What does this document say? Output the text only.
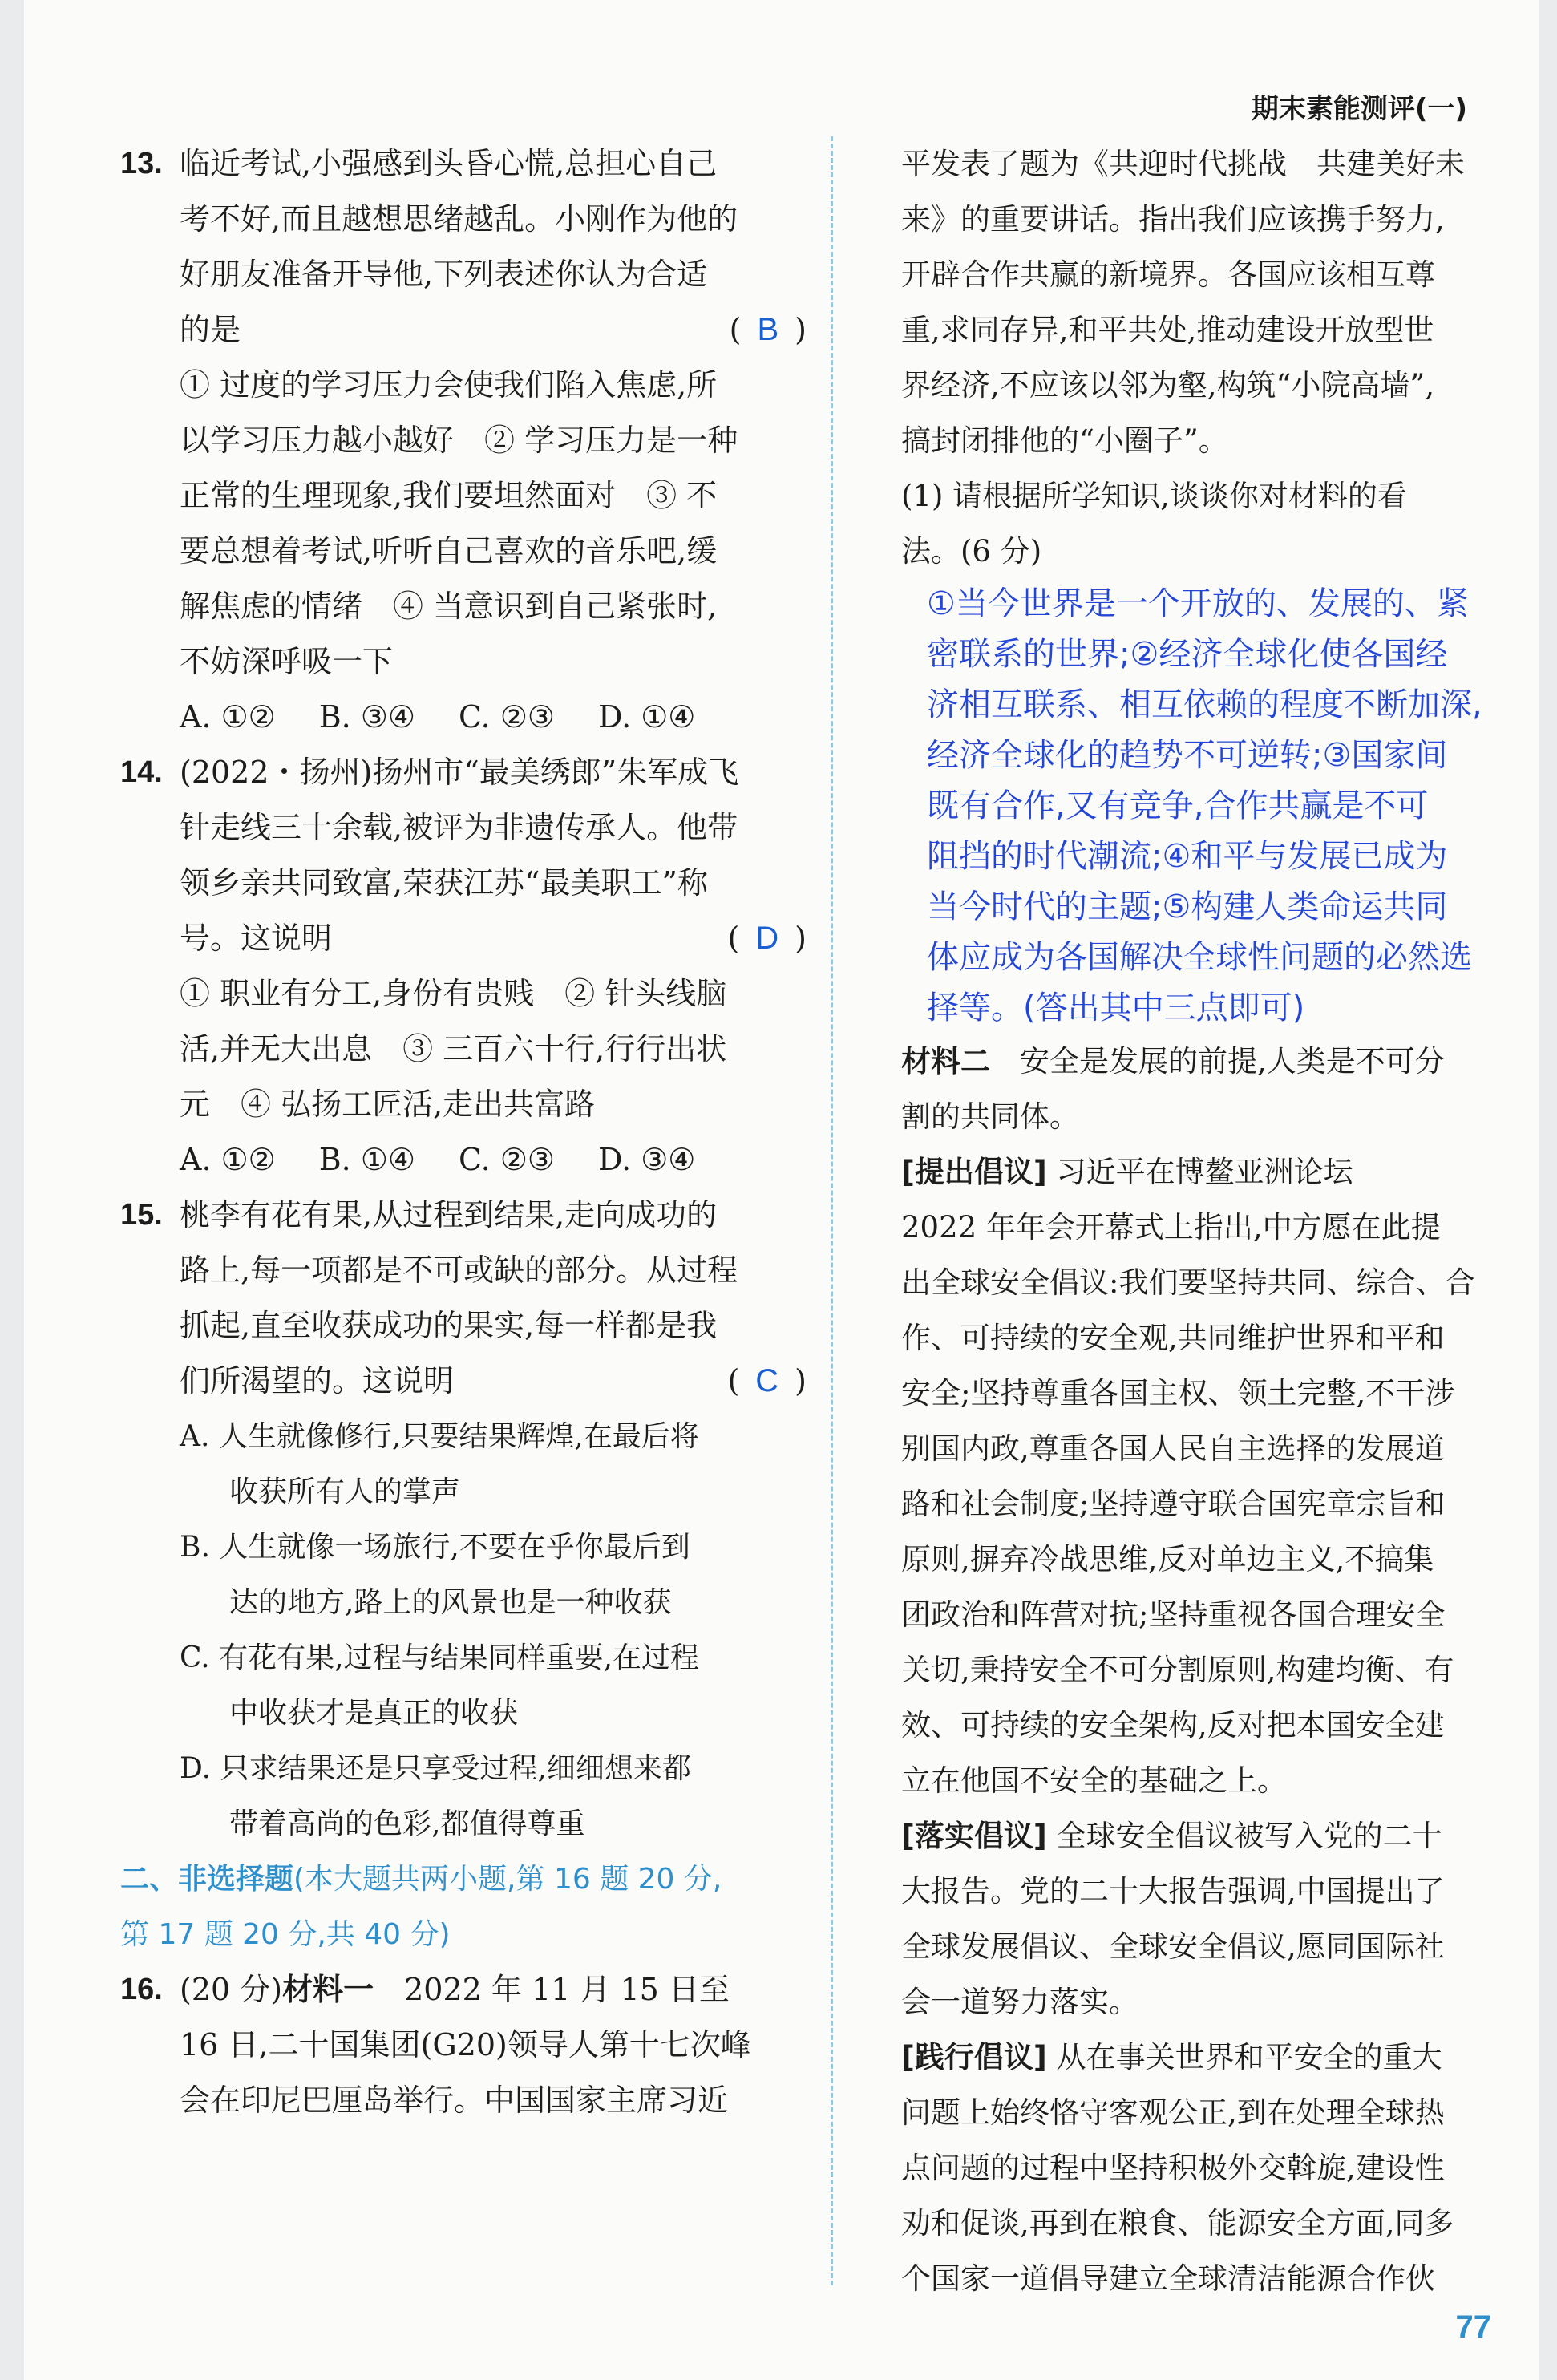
期末素能测评(一)
13. 临近考试,小强感到头昏心慌,总担心自己
考不好,而且越想思绪越乱。小刚作为他的
好朋友准备开导他,下列表述你认为合适
的是	( B )
① 过度的学习压力会使我们陷入焦虑,所
以学习压力越小越好　② 学习压力是一种
正常的生理现象,我们要坦然面对　③ 不
要总想着考试,听听自己喜欢的音乐吧,缓
解焦虑的情绪　④ 当意识到自己紧张时,
不妨深呼吸一下
A. ①② B. ③④ C. ②③ D. ①④
14. (2022・扬州)扬州市“最美绣郎”朱军成飞
针走线三十余载,被评为非遗传承人。他带
领乡亲共同致富,荣获江苏“最美职工”称
号。这说明	( D )
① 职业有分工,身份有贵贱　② 针头线脑
活,并无大出息　③ 三百六十行,行行出状
元　④ 弘扬工匠活,走出共富路
A. ①② B. ①④ C. ②③ D. ③④
15. 桃李有花有果,从过程到结果,走向成功的
路上,每一项都是不可或缺的部分。从过程
抓起,直至收获成功的果实,每一样都是我
们所渴望的。这说明	( C )
A. 人生就像修行,只要结果辉煌,在最后将
收获所有人的掌声
B. 人生就像一场旅行,不要在乎你最后到
达的地方,路上的风景也是一种收获
C. 有花有果,过程与结果同样重要,在过程
中收获才是真正的收获
D. 只求结果还是只享受过程,细细想来都
带着高尚的色彩,都值得尊重
二、非选择题(本大题共两小题,第 16 题 20 分,
第 17 题 20 分,共 40 分)
16. (20 分)材料一　2022 年 11 月 15 日至
16 日,二十国集团(G20)领导人第十七次峰
会在印尼巴厘岛举行。中国国家主席习近
平发表了题为《共迎时代挑战　共建美好未
来》的重要讲话。指出我们应该携手努力,
开辟合作共赢的新境界。各国应该相互尊
重,求同存异,和平共处,推动建设开放型世
界经济,不应该以邻为壑,构筑“小院高墙”,
搞封闭排他的“小圈子”。
(1) 请根据所学知识,谈谈你对材料的看
法。(6 分)
①当今世界是一个开放的、发展的、紧
密联系的世界;②经济全球化使各国经
济相互联系、相互依赖的程度不断加深,
经济全球化的趋势不可逆转;③国家间
既有合作,又有竞争,合作共赢是不可
阻挡的时代潮流;④和平与发展已成为
当今时代的主题;⑤构建人类命运共同
体应成为各国解决全球性问题的必然选
择等。(答出其中三点即可)
材料二　安全是发展的前提,人类是不可分
割的共同体。
[提出倡议] 习近平在博鳌亚洲论坛
2022 年年会开幕式上指出,中方愿在此提
出全球安全倡议:我们要坚持共同、综合、合
作、可持续的安全观,共同维护世界和平和
安全;坚持尊重各国主权、领土完整,不干涉
别国内政,尊重各国人民自主选择的发展道
路和社会制度;坚持遵守联合国宪章宗旨和
原则,摒弃冷战思维,反对单边主义,不搞集
团政治和阵营对抗;坚持重视各国合理安全
关切,秉持安全不可分割原则,构建均衡、有
效、可持续的安全架构,反对把本国安全建
立在他国不安全的基础之上。
[落实倡议] 全球安全倡议被写入党的二十
大报告。党的二十大报告强调,中国提出了
全球发展倡议、全球安全倡议,愿同国际社
会一道努力落实。
[践行倡议] 从在事关世界和平安全的重大
问题上始终恪守客观公正,到在处理全球热
点问题的过程中坚持积极外交斡旋,建设性
劝和促谈,再到在粮食、能源安全方面,同多
个国家一道倡导建立全球清洁能源合作伙
77
